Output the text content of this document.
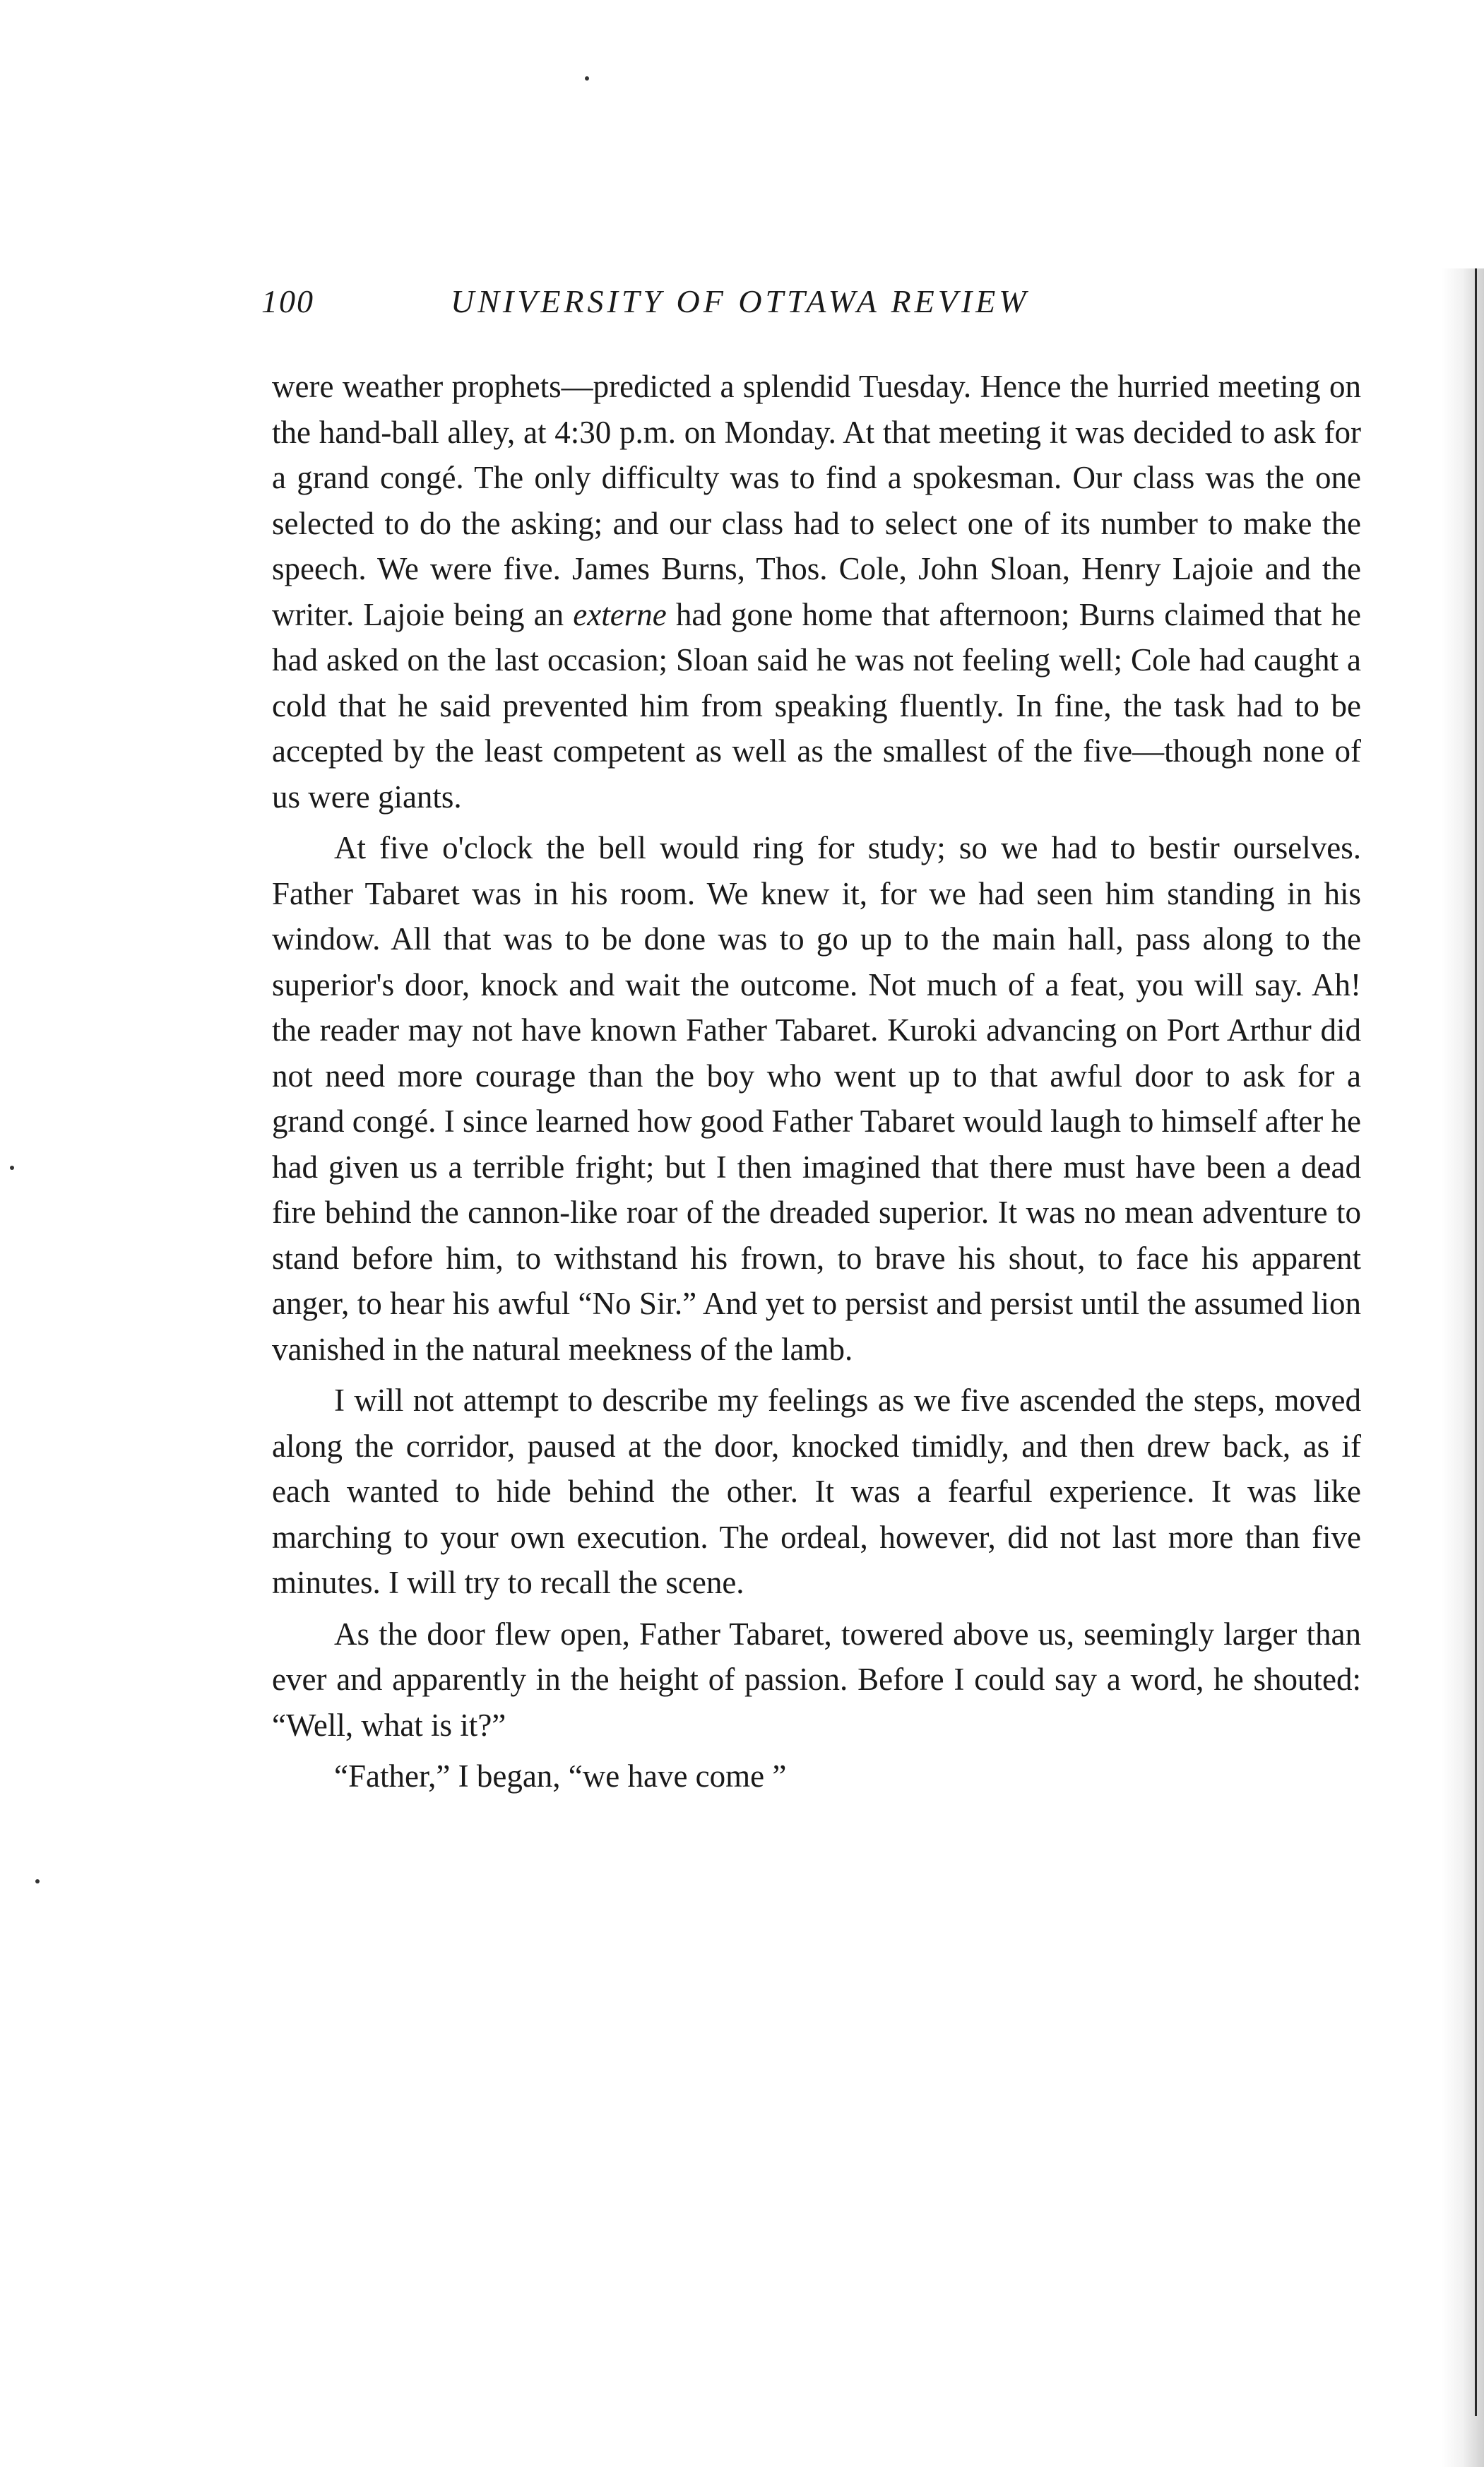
100	UNIVERSITY OF OTTAWA REVIEW

were weather prophets—predicted a splendid Tuesday. Hence the hurried meeting on the hand-ball alley, at 4:30 p.m. on Monday. At that meeting it was decided to ask for a grand congé. The only difficulty was to find a spokesman. Our class was the one selected to do the asking; and our class had to select one of its number to make the speech. We were five. James Burns, Thos. Cole, John Sloan, Henry Lajoie and the writer. Lajoie being an externe had gone home that afternoon; Burns claimed that he had asked on the last occasion; Sloan said he was not feeling well; Cole had caught a cold that he said prevented him from speaking fluently. In fine, the task had to be accepted by the least competent as well as the smallest of the five—though none of us were giants.

At five o'clock the bell would ring for study; so we had to bestir ourselves. Father Tabaret was in his room. We knew it, for we had seen him standing in his window. All that was to be done was to go up to the main hall, pass along to the superior's door, knock and wait the outcome. Not much of a feat, you will say. Ah! the reader may not have known Father Tabaret. Kuroki advancing on Port Arthur did not need more courage than the boy who went up to that awful door to ask for a grand congé. I since learned how good Father Tabaret would laugh to himself after he had given us a terrible fright; but I then imagined that there must have been a dead fire behind the cannon-like roar of the dreaded superior. It was no mean adventure to stand before him, to withstand his frown, to brave his shout, to face his apparent anger, to hear his awful “No Sir.” And yet to persist and persist until the assumed lion vanished in the natural meekness of the lamb.

I will not attempt to describe my feelings as we five ascended the steps, moved along the corridor, paused at the door, knocked timidly, and then drew back, as if each wanted to hide behind the other. It was a fearful experience. It was like marching to your own execution. The ordeal, however, did not last more than five minutes. I will try to recall the scene.

As the door flew open, Father Tabaret, towered above us, seemingly larger than ever and apparently in the height of passion. Before I could say a word, he shouted: “Well, what is it?”

“Father,” I began, “we have come ”
